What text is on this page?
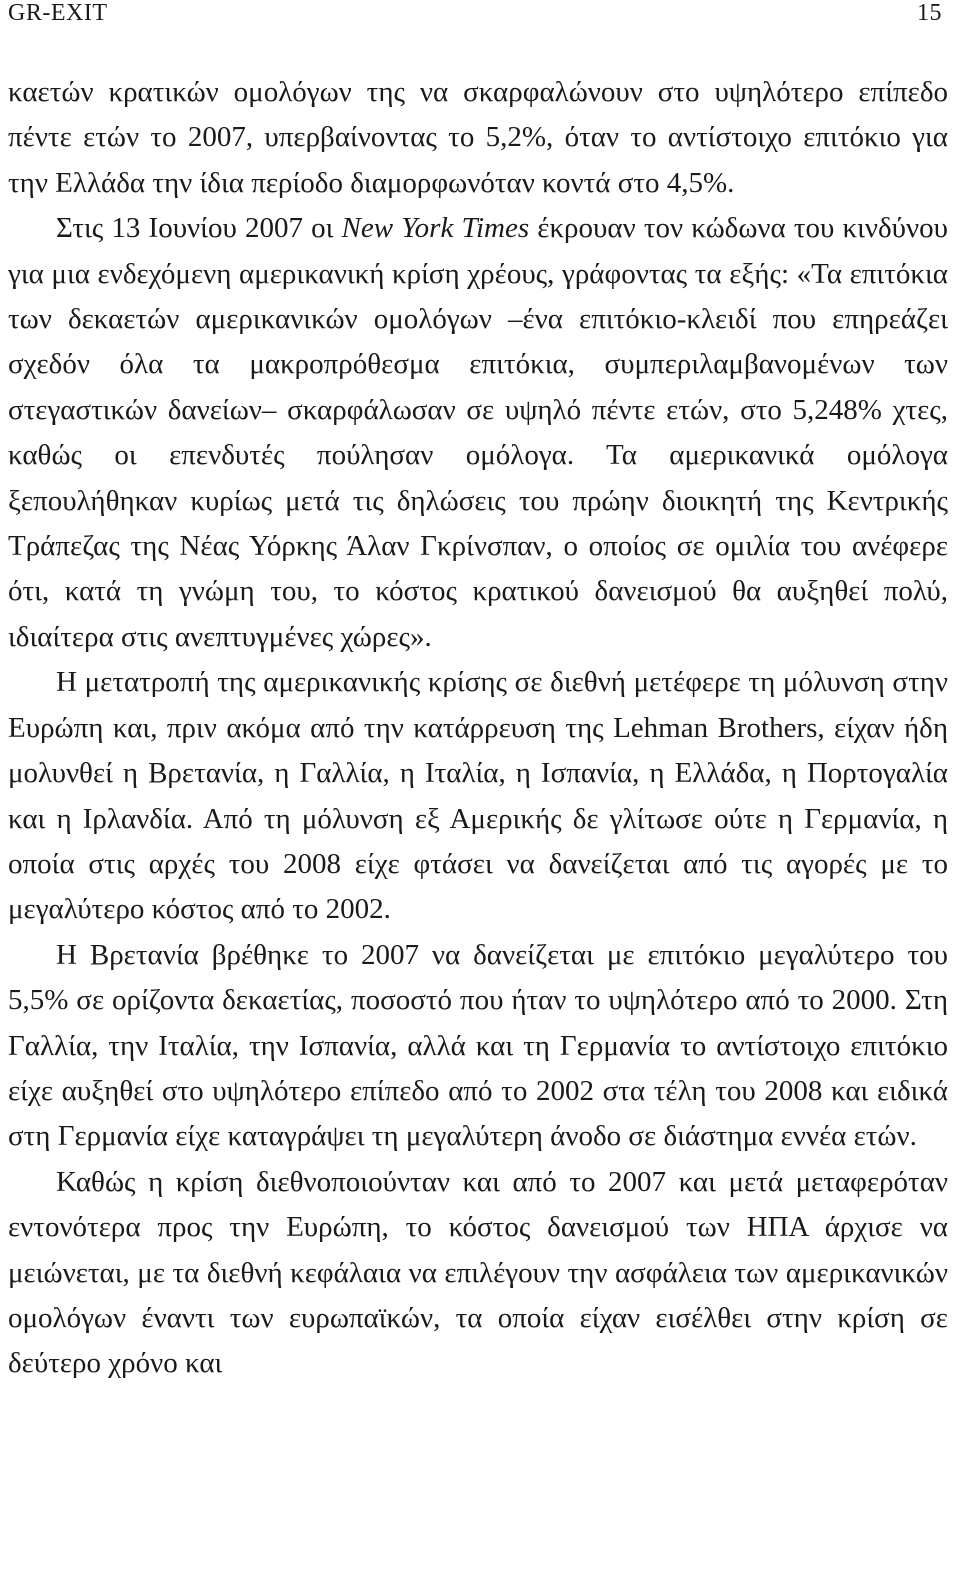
GR-EXIT	15

καετών κρατικών ομολόγων της να σκαρφαλώνουν στο υψηλότερο επίπεδο πέντε ετών το 2007, υπερβαίνοντας το 5,2%, όταν το αντίστοιχο επιτόκιο για την Ελλάδα την ίδια περίοδο διαμορφωνόταν κοντά στο 4,5%.

Στις 13 Ιουνίου 2007 οι New York Times έκρουαν τον κώδωνα του κινδύνου για μια ενδεχόμενη αμερικανική κρίση χρέους, γράφοντας τα εξής: «Τα επιτόκια των δεκαετών αμερικανικών ομολόγων –ένα επιτόκιο-κλειδί που επηρεάζει σχεδόν όλα τα μακροπρόθεσμα επιτόκια, συμπεριλαμβανομένων των στεγαστικών δανείων– σκαρφάλωσαν σε υψηλό πέντε ετών, στο 5,248% χτες, καθώς οι επενδυτές πούλησαν ομόλογα. Τα αμερικανικά ομόλογα ξεπουλήθηκαν κυρίως μετά τις δηλώσεις του πρώην διοικητή της Κεντρικής Τράπεζας της Νέας Υόρκης Άλαν Γκρίνσπαν, ο οποίος σε ομιλία του ανέφερε ότι, κατά τη γνώμη του, το κόστος κρατικού δανεισμού θα αυξηθεί πολύ, ιδιαίτερα στις ανεπτυγμένες χώρες».

Η μετατροπή της αμερικανικής κρίσης σε διεθνή μετέφερε τη μόλυνση στην Ευρώπη και, πριν ακόμα από την κατάρρευση της Lehman Brothers, είχαν ήδη μολυνθεί η Βρετανία, η Γαλλία, η Ιταλία, η Ισπανία, η Ελλάδα, η Πορτογαλία και η Ιρλανδία. Από τη μόλυνση εξ Αμερικής δε γλίτωσε ούτε η Γερμανία, η οποία στις αρχές του 2008 είχε φτάσει να δανείζεται από τις αγορές με το μεγαλύτερο κόστος από το 2002.

Η Βρετανία βρέθηκε το 2007 να δανείζεται με επιτόκιο μεγαλύτερο του 5,5% σε ορίζοντα δεκαετίας, ποσοστό που ήταν το υψηλότερο από το 2000. Στη Γαλλία, την Ιταλία, την Ισπανία, αλλά και τη Γερμανία το αντίστοιχο επιτόκιο είχε αυξηθεί στο υψηλότερο επίπεδο από το 2002 στα τέλη του 2008 και ειδικά στη Γερμανία είχε καταγράψει τη μεγαλύτερη άνοδο σε διάστημα εννέα ετών.

Καθώς η κρίση διεθνοποιούνταν και από το 2007 και μετά μεταφερόταν εντονότερα προς την Ευρώπη, το κόστος δανεισμού των ΗΠΑ άρχισε να μειώνεται, με τα διεθνή κεφάλαια να επιλέγουν την ασφάλεια των αμερικανικών ομολόγων έναντι των ευρωπαϊκών, τα οποία είχαν εισέλθει στην κρίση σε δεύτερο χρόνο και
